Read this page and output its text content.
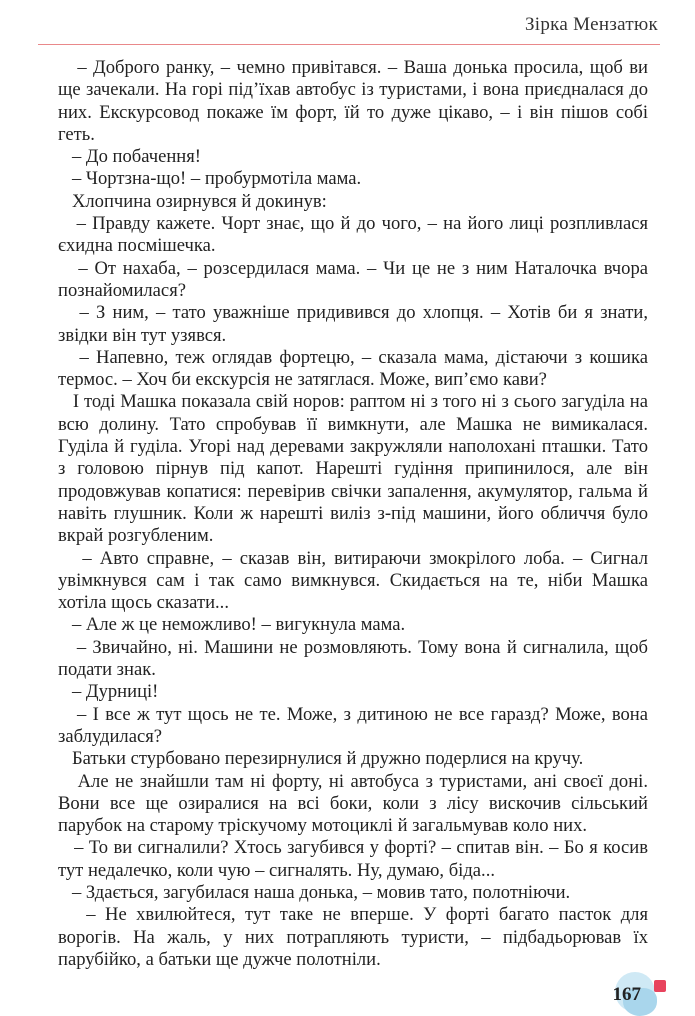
Зірка Мензатюк

– Доброго ранку, – чемно привітався. – Ваша донька просила, щоб ви ще зачекали. На горі під’їхав автобус із туристами, і вона приєдналася до них. Екскурсовод покаже їм форт, їй то дуже цікаво, – і він пішов собі геть.

– До побачення!

– Чортзна-що! – пробурмотіла мама.

Хлопчина озирнувся й докинув:

– Правду кажете. Чорт знає, що й до чого, – на його лиці розпливлася єхидна посмішечка.

– От нахаба, – розсердилася мама. – Чи це не з ним Наталочка вчора познайомилася?

– З ним, – тато уважніше придивився до хлопця. – Хотів би я знати, звідки він тут узявся.

– Напевно, теж оглядав фортецю, – сказала мама, дістаючи з кошика термос. – Хоч би екскурсія не затяглася. Може, вип’ємо кави?

І тоді Машка показала свій норов: раптом ні з того ні з сього загуділа на всю долину. Тато спробував її вимкнути, але Машка не вимикалася. Гуділа й гуділа. Угорі над деревами закружляли наполохані пташки. Тато з головою пірнув під капот. Нарешті гудіння припинилося, але він продовжував копатися: перевірив свічки запалення, акумулятор, гальма й навіть глушник. Коли ж нарешті виліз з-під машини, його обличчя було вкрай розгубленим.

– Авто справне, – сказав він, витираючи змокрілого лоба. – Сигнал увімкнувся сам і так само вимкнувся. Скидається на те, ніби Машка хотіла щось сказати...

– Але ж це неможливо! – вигукнула мама.

– Звичайно, ні. Машини не розмовляють. Тому вона й сигналила, щоб подати знак.

– Дурниці!

– І все ж тут щось не те. Може, з дитиною не все гаразд? Може, вона заблудилася?

Батьки стурбовано перезирнулися й дружно подерлися на кручу.

Але не знайшли там ні форту, ні автобуса з туристами, ані своєї доні. Вони все ще озиралися на всі боки, коли з лісу вискочив сільський парубок на старому тріскучому мотоциклі й загальмував коло них.

– То ви сигналили? Хтось загубився у форті? – спитав він. – Бо я косив тут недалечко, коли чую – сигналять. Ну, думаю, біда...

– Здається, загубилася наша донька, – мовив тато, полотніючи.

– Не хвилюйтеся, тут таке не вперше. У форті багато пасток для ворогів. На жаль, у них потрапляють туристи, – підбадьорював їх парубійко, а батьки ще дужче полотніли.

167
